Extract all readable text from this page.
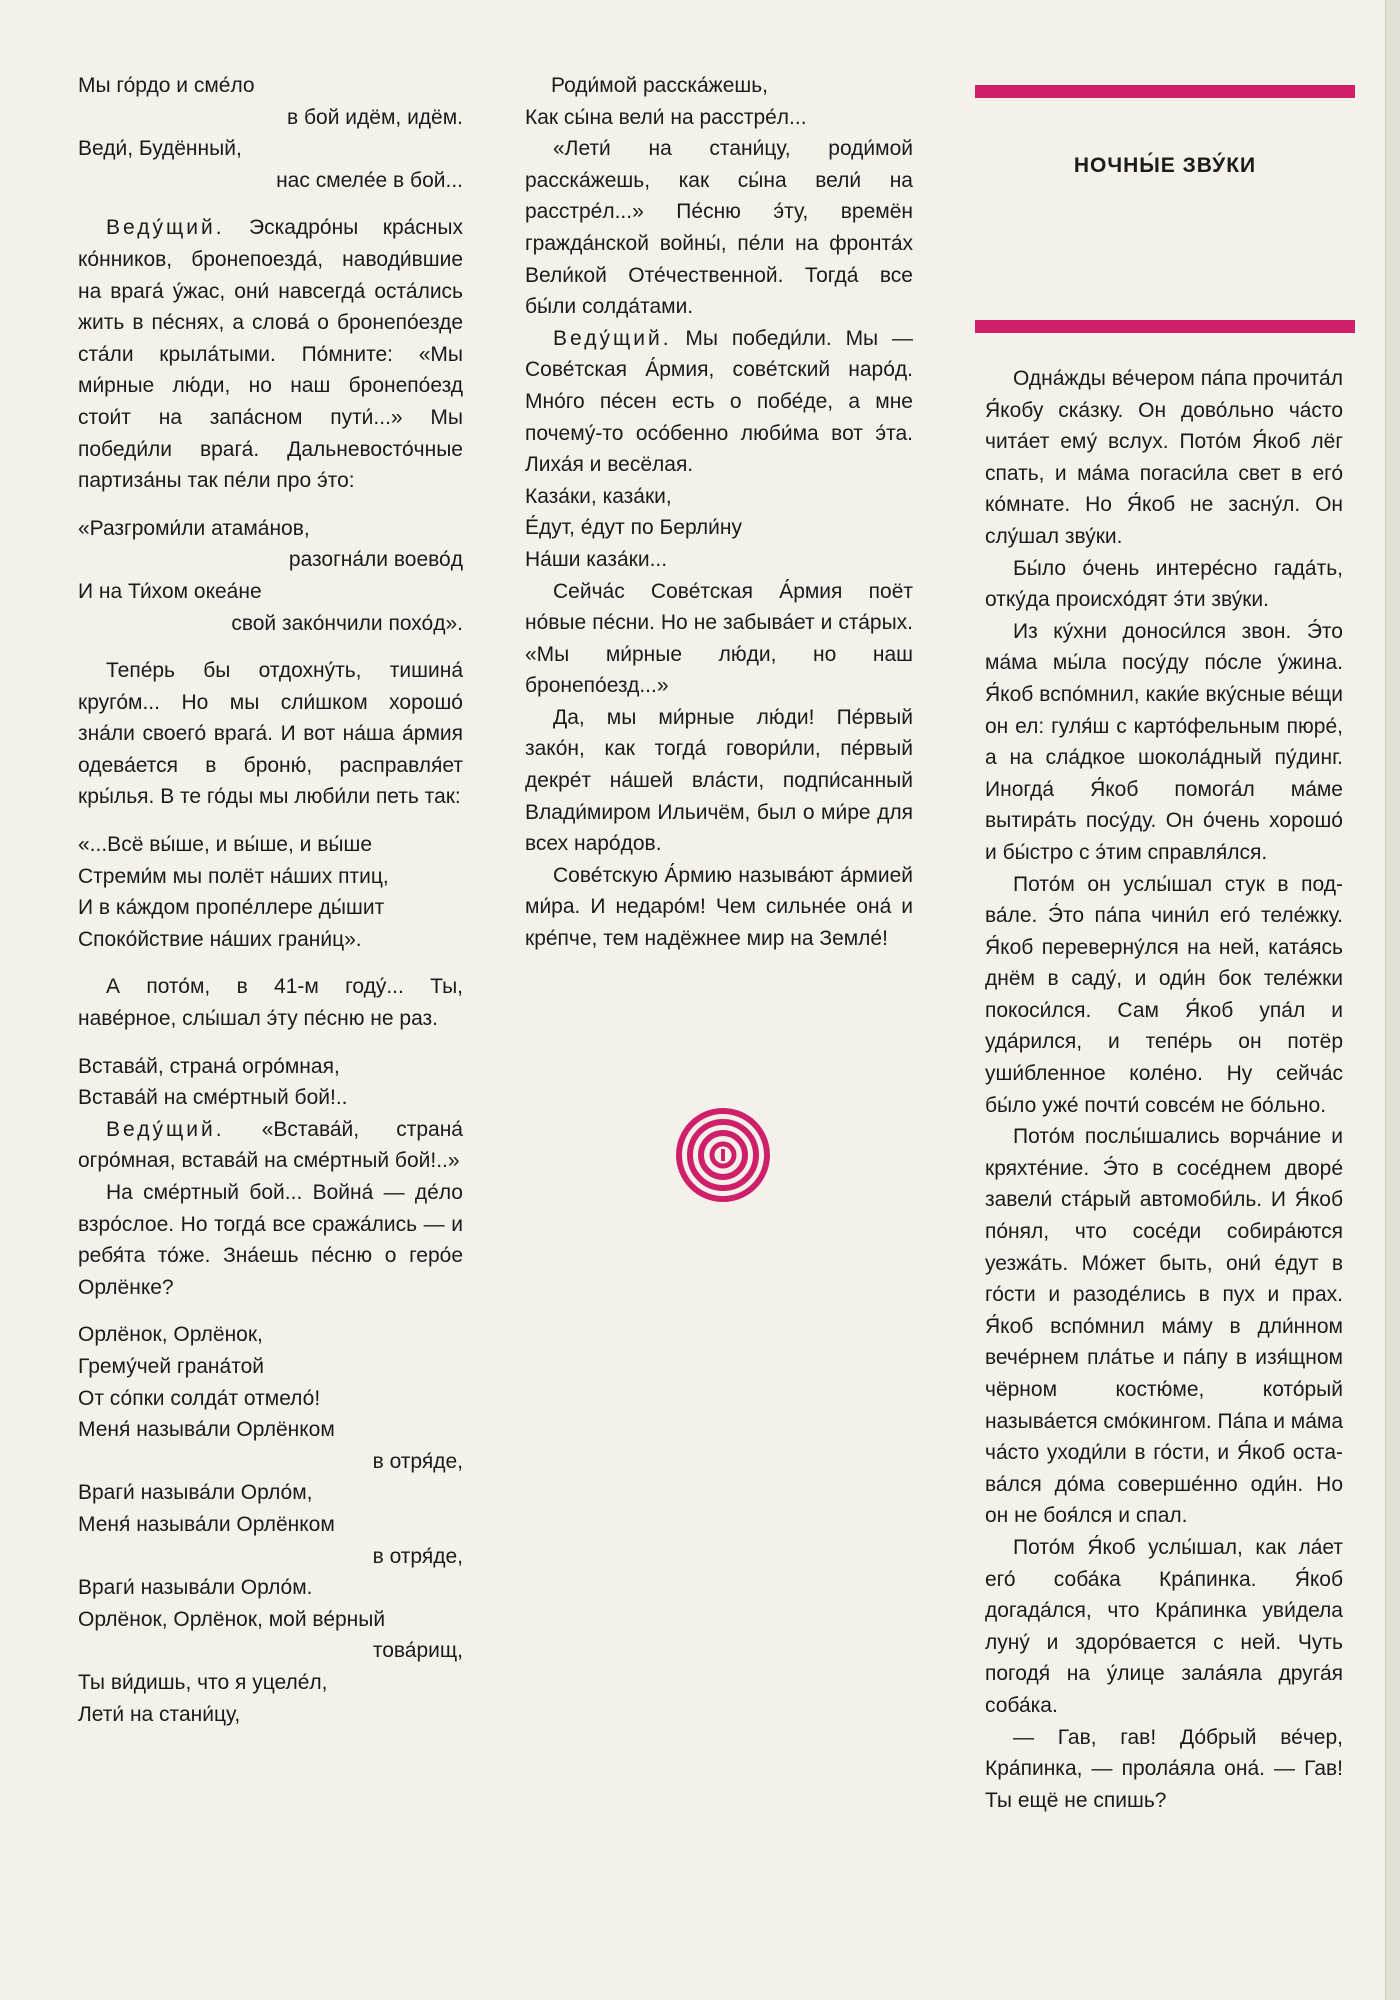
Мы го́рдо и сме́ло

в бой идём, идём.

Веди́, Будённый,

нас смеле́е в бой...

Веду́щий. Эскадро́ны кра́сных ко́нников, бронепоезда́, наводи́вшие на врага́ у́жас, они́ навсегда́ оста́лись жить в пе́снях, а слова́ о бронепо́езде ста́ли крыла́тыми. По́мните: «Мы ми́рные лю́ди, но наш бронепо́езд стои́т на запа́сном пути́...» Мы победи́ли врага́. Дальневосто́чные партиза́ны так пе́ли про э́то:

«Разгроми́ли атама́нов,

разогна́ли воево́д

И на Ти́хом океа́не

свой зако́нчили похо́д».

Тепе́рь бы отдохну́ть, тишина́ круго́м... Но мы сли́шком хорошо́ зна́ли своего́ врага́. И вот на́ша а́рмия одева́ется в броню́, расправля́ет кры́лья. В те го́ды мы люби́ли петь так:

«...Всё вы́ше, и вы́ше, и вы́ше

Стреми́м мы полёт на́ших птиц,

И в ка́ждом пропе́ллере ды́шит

Споко́йствие на́ших грани́ц».

А пото́м, в 41-м году́... Ты, наве́рное, слы́шал э́ту пе́сню не раз.

Встава́й, страна́ огро́мная,

Встава́й на сме́ртный бой!..

Веду́щий. «Встава́й, страна́ огро́мная, встава́й на сме́ртный бой!..»

На сме́ртный бой... Война́ — де́ло взро́слое. Но тогда́ все сража́лись — и ребя́та то́же. Зна́ешь пе́сню о геро́е Орлёнке?

Орлёнок, Орлёнок,

Грему́чей грана́той

От со́пки солда́т отмело́!

Меня́ называ́ли Орлёнком

в отря́де,

Враги́ называ́ли Орло́м,

Меня́ называ́ли Орлёнком

в отря́де,

Враги́ называ́ли Орло́м.

Орлёнок, Орлёнок, мой ве́рный

това́рищ,

Ты ви́дишь, что я уцеле́л,

Лети́ на стани́цу,

Роди́мой расска́жешь,

Как сы́на вели́ на расстре́л...

«Лети́ на стани́цу, роди́мой расска́жешь, как сы́на вели́ на расстре́л...» Пе́сню э́ту, времён гражда́нской войны́, пе́ли на фронта́х Вели́кой Оте́чественной. Тогда́ все бы́ли солда́тами.

Веду́щий. Мы победи́ли. Мы — Сове́тская А́рмия, сове́тский наро́д. Мно́го пе́сен есть о побе́де, а мне почему́-то осо́бенно люби́ма вот э́та. Лиха́я и весёлая.

Каза́ки, каза́ки,

Е́дут, е́дут по Берли́ну

На́ши каза́ки...

Сейча́с Сове́тская А́рмия поёт но́вые пе́сни. Но не забыва́ет и ста́рых. «Мы ми́рные лю́ди, но наш бронепо́езд...»

Да, мы ми́рные лю́ди! Пе́рвый зако́н, как тогда́ говори́ли, пе́рвый декре́т на́шей вла́сти, подпи́санный Влади́миром Ильичём, был о ми́ре для всех наро́дов.

Сове́тскую А́рмию называ́ют а́рмией ми́ра. И недаро́м! Чем сильне́е она́ и кре́пче, тем надёжнее мир на Земле́!

НОЧНЫ́Е ЗВУ́КИ

Одна́жды ве́чером па́па прочита́л Я́кобу ска́зку. Он дово́льно ча́сто чита́ет ему́ вслух. Пото́м Я́коб лёг спать, и ма́ма погаси́ла свет в его́ ко́мнате. Но Я́коб не засну́л. Он слу́шал зву́ки.

Бы́ло о́чень интере́сно гада́ть, отку́да происхо́дят э́ти зву́ки.

Из ку́хни доноси́лся звон. Э́то ма́ма мы́ла посу́ду по́сле у́жина. Я́коб вспо́мнил, каки́е вку́сные ве́щи он ел: гуля́ш с карто́фельным пюре́, а на сла́дкое шокола́дный пу́динг. Иногда́ Я́коб помога́л ма́ме вытира́ть посу́ду. Он о́чень хорошо́ и бы́стро с э́тим справля́лся.

Пото́м он услы́шал стук в подва́ле. Э́то па́па чини́л его́ теле́жку. Я́коб переверну́лся на ней, ката́ясь днём в саду́, и оди́н бок теле́жки покоси́лся. Сам Я́коб упа́л и уда́рился, и тепе́рь он потёр уши́бленное коле́но. Ну сейча́с бы́ло уже́ почти́ совсе́м не бо́льно.

Пото́м послы́шались ворча́ние и кряхте́ние. Э́то в сосе́днем дворе́ завели́ ста́рый автомоби́ль. И Я́коб по́нял, что сосе́ди собира́ются уезжа́ть. Мо́жет быть, они́ е́дут в го́сти и разоде́лись в пух и прах. Я́коб вспо́мнил ма́му в дли́нном вече́рнем пла́тье и па́пу в изя́щном чёрном костю́ме, кото́рый называ́ется смо́кингом. Па́па и ма́ма ча́сто уходи́ли в го́сти, и Я́коб остава́лся до́ма соверше́нно оди́н. Но он не боя́лся и спал.

Пото́м Я́коб услы́шал, как ла́ет его́ соба́ка Кра́пинка. Я́коб догада́лся, что Кра́пинка уви́дела луну́ и здоро́вается с ней. Чуть погодя́ на у́лице зала́яла друга́я соба́ка.

— Гав, гав! До́брый ве́чер, Кра́пинка, — прола́яла она́. — Гав! Ты ещё не спишь?
